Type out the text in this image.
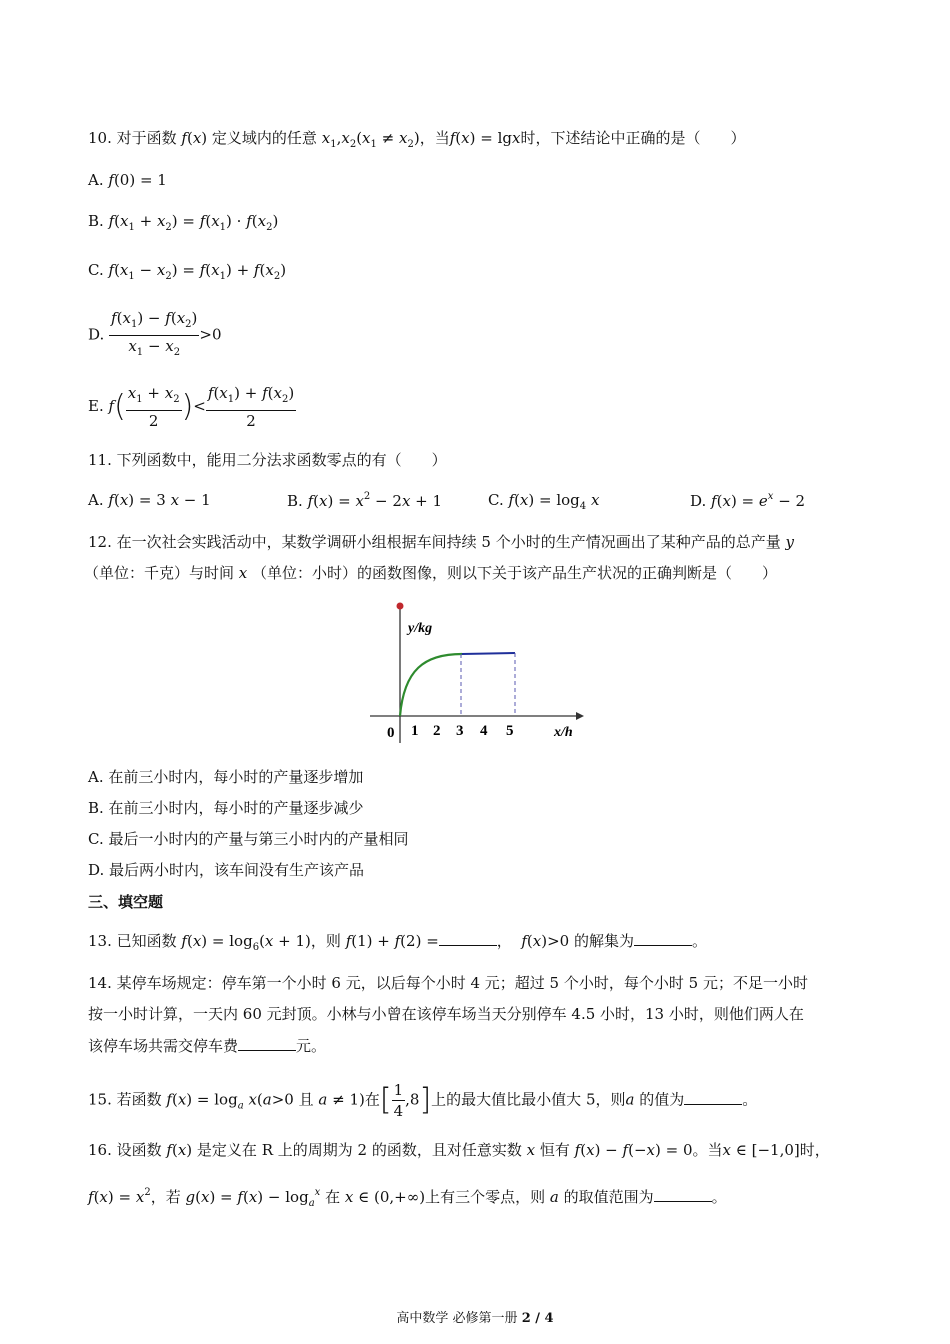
10. 对于函数 f(x) 定义域内的任意 $x_1,x_2(x_1 \ne x_2)$，当f(x) = lgx时，下述结论中正确的是（　　）
A. f(0) = 1
B. $f(x_1 + x_2) = f(x_1) \cdot f(x_2)$
C. $f(x_1 - x_2) = f(x_1) + f(x_2)$
D. $\frac{f(x_1) - f(x_2)}{x_1 - x_2} >0$
E. $f( \frac{x_1 + x_2}{2}$ )< $\frac{f(x_1) + f(x_2)}{2}$
11. 下列函数中，能用二分法求函数零点的有（　　）
A. f(x) = 3 x − 1	B. $f(x) = x^2 - 2x + 1$	C. $f(x) = \log_4 x$	D. $f(x) = e^x - 2$
12. 在一次社会实践活动中，某数学调研小组根据车间持续 5 个小时的生产情况画出了某种产品的总产量 y
（单位：千克）与时间 x （单位：小时）的函数图像，则以下关于该产品生产状况的正确判断是（　　）
y/kg
x/h
0 1 2 3 4 5
A. 在前三小时内，每小时的产量逐步增加
B. 在前三小时内，每小时的产量逐步减少
C. 最后一小时内的产量与第三小时内的产量相同
D. 最后两小时内，该车间没有生产该产品
三、填空题
13. 已知函数 $f(x) = \log_6(x + 1)$，则 f(1) + f(2) =	， f(x)>0 的解集为	。
14. 某停车场规定：停车第一个小时 6 元，以后每个小时 4 元；超过 5 个小时，每个小时 5 元；不足一小时
按一小时计算，一天内 60 元封顶。小林与小曾在该停车场当天分别停车 4.5 小时，13 小时，则他们两人在
该停车场共需交停车费	元。
15. 若函数 $f(x) = \log_a x(a>0$ 且 a ≠ 1)在[ $\frac{1}{4} ,8$]上的最大值比最小值大 5，则a 的值为	。
16. 设函数 f(x) 是定义在 R 上的周期为 2 的函数，且对任意实数 x 恒有 f(x) − f(−x) = 0。当x ∈ [−1,0]时，
$f(x) = x^2$，若 $g(x) = f(x) - \log_a^x$ 在 x ∈ (0,+∞)上有三个零点，则 a 的取值范围为	。
高中数学 必修第一册 2 / 4
